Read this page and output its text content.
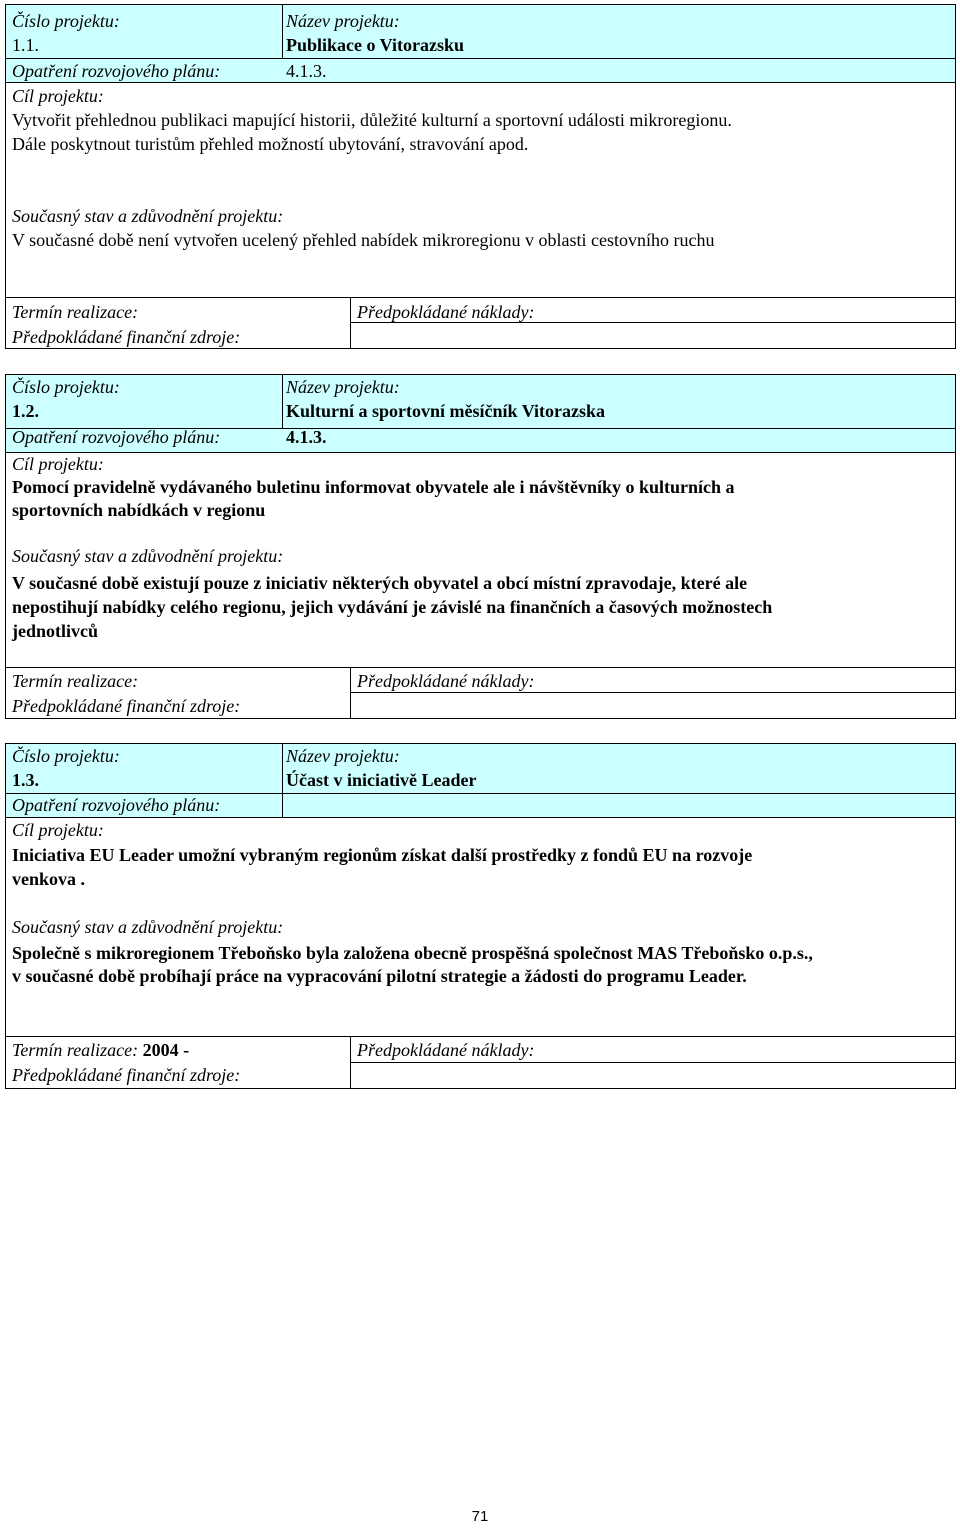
Číslo projektu:
1.1.
Název projektu:
Publikace o Vitorazsku
Opatření rozvojového plánu:	4.1.3.
Cíl projektu:
Vytvořit přehlednou publikaci mapující historii, důležité kulturní a sportovní události mikroregionu.
Dále poskytnout turistům přehled možností ubytování, stravování apod.
Současný stav a zdůvodnění projektu:
V současné době není vytvořen ucelený přehled nabídek mikroregionu v oblasti cestovního ruchu
Termín realizace:
Předpokládané finanční zdroje:
Předpokládané náklady:
Číslo projektu:
1.2.
Název projektu:
Kulturní a sportovní měsíčník Vitorazska
Opatření rozvojového plánu:	4.1.3.
Cíl projektu:
Pomocí pravidelně vydávaného buletinu informovat obyvatele ale i návštěvníky o kulturních a
sportovních nabídkách v regionu
Současný stav a zdůvodnění projektu:
V současné době existují pouze z iniciativ některých obyvatel a obcí místní zpravodaje, které ale
nepostihují nabídky celého regionu, jejich vydávání je závislé na finančních a časových možnostech
jednotlivců
Termín realizace:
Předpokládané finanční zdroje:
Předpokládané náklady:
Číslo projektu:
1.3.
Název projektu:
Účast v iniciativě Leader
Opatření rozvojového plánu:
Cíl projektu:
Iniciativa EU Leader umožní vybraným regionům získat další prostředky z fondů EU na rozvoje
venkova .
Současný stav a zdůvodnění projektu:
Společně s mikroregionem Třeboňsko byla založena obecně prospěšná společnost MAS Třeboňsko o.p.s.,
v současné době probíhají práce na vypracování pilotní strategie a žádosti do programu Leader.
Termín realizace: 2004 -
Předpokládané finanční zdroje:
Předpokládané náklady:
71
